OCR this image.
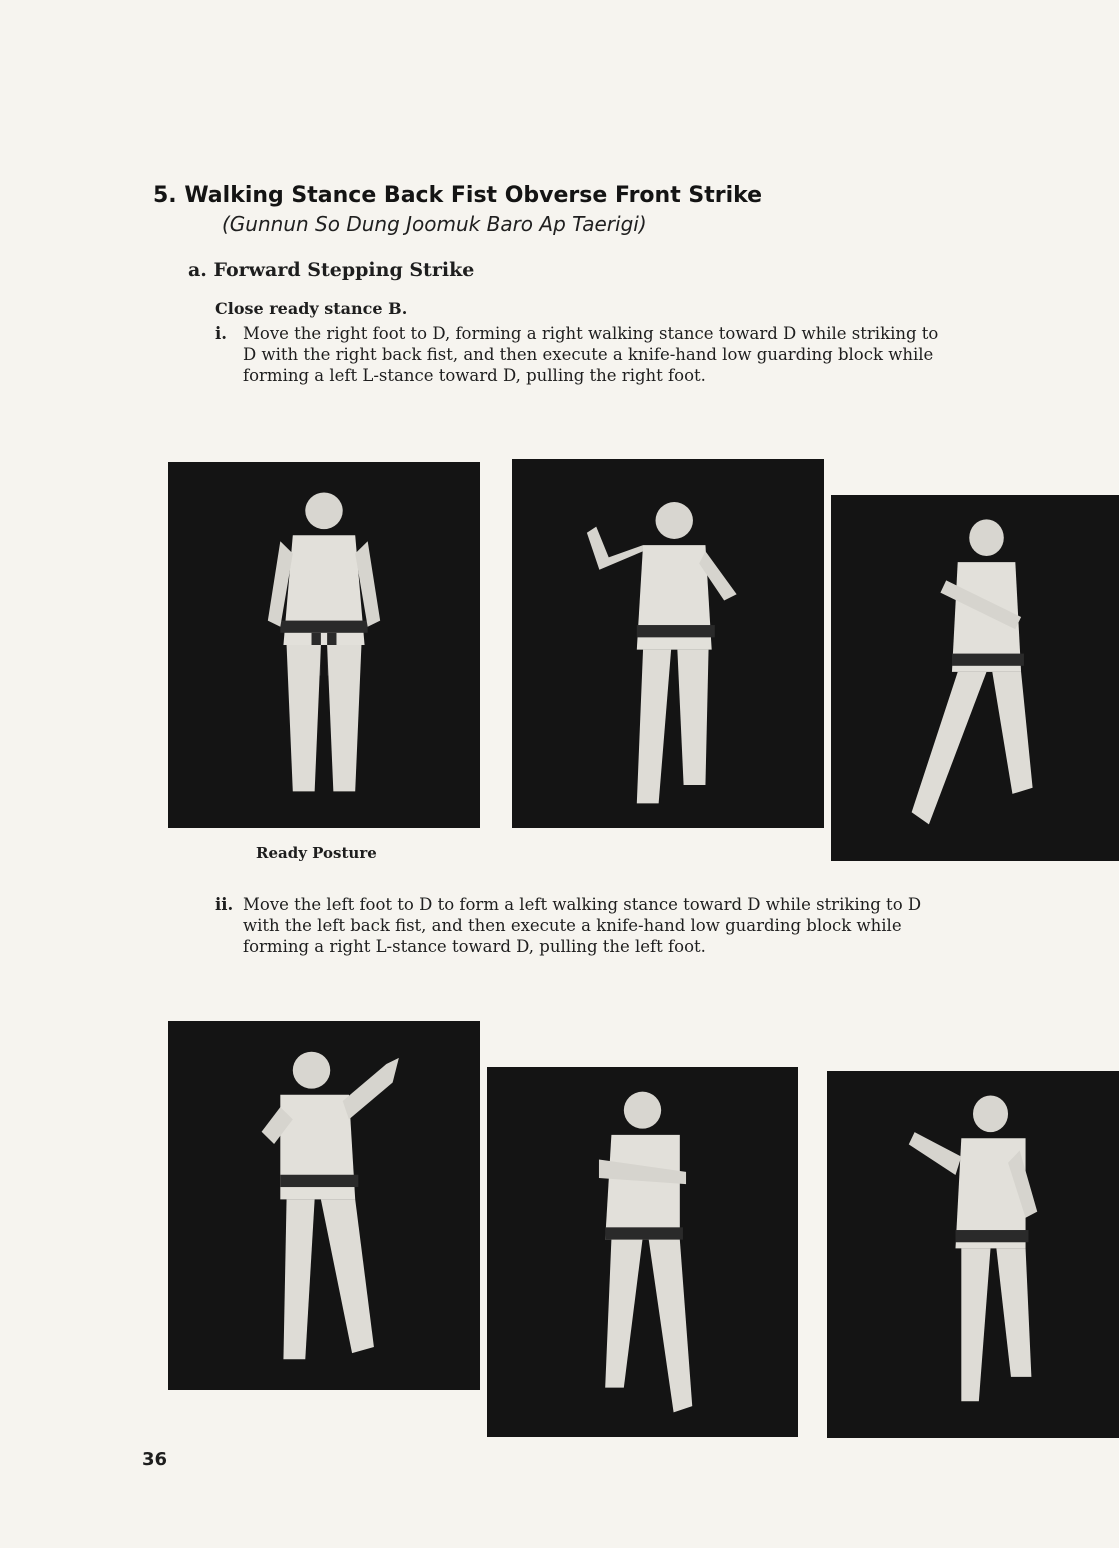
5. Walking Stance Back Fist Obverse Front Strike
(Gunnun So Dung Joomuk Baro Ap Taerigi)
a. Forward Stepping Strike
Close ready stance B.
i. Move the right foot to D, forming a right walking stance toward D while striking to D with the right back fist, and then execute a knife-hand low guarding block while forming a left L-stance toward D, pulling the right foot.
Ready Posture
ii. Move the left foot to D to form a left walking stance toward D while striking to D with the left back fist, and then execute a knife-hand low guarding block while forming a right L-stance toward D, pulling the left foot.
36
